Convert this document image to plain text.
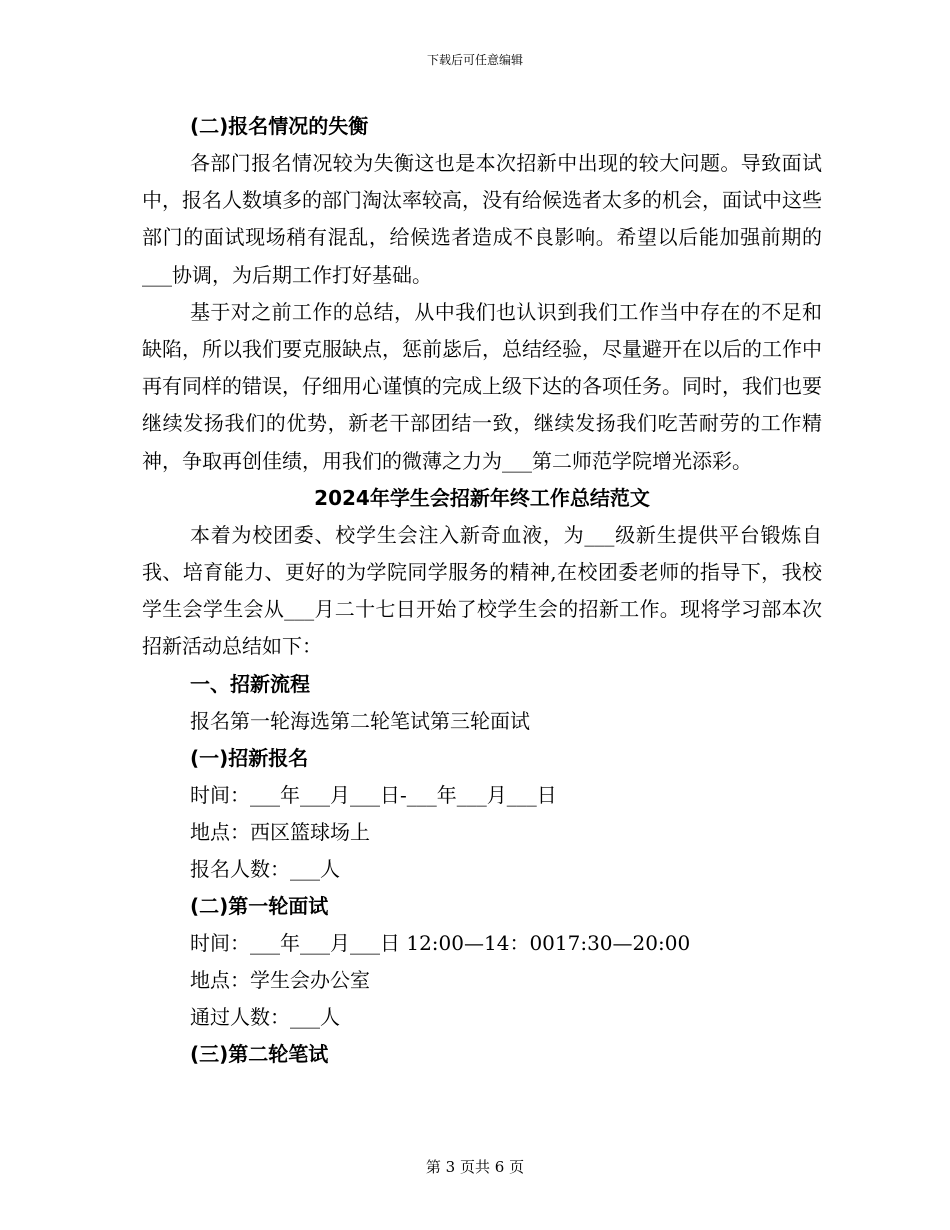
下载后可任意编辑
(二)报名情况的失衡
各部门报名情况较为失衡这也是本次招新中出现的较大问题。导致面试中，报名人数填多的部门淘汰率较高，没有给候选者太多的机会，面试中这些部门的面试现场稍有混乱，给候选者造成不良影响。希望以后能加强前期的___协调，为后期工作打好基础。
基于对之前工作的总结，从中我们也认识到我们工作当中存在的不足和缺陷，所以我们要克服缺点，惩前毖后，总结经验，尽量避开在以后的工作中再有同样的错误，仔细用心谨慎的完成上级下达的各项任务。同时，我们也要继续发扬我们的优势，新老干部团结一致，继续发扬我们吃苦耐劳的工作精神，争取再创佳绩，用我们的微薄之力为___第二师范学院增光添彩。
2024年学生会招新年终工作总结范文
本着为校团委、校学生会注入新奇血液，为___级新生提供平台锻炼自我、培育能力、更好的为学院同学服务的精神,在校团委老师的指导下，我校学生会学生会从___月二十七日开始了校学生会的招新工作。现将学习部本次招新活动总结如下：
一、招新流程
报名第一轮海选第二轮笔试第三轮面试
(一)招新报名
时间：___年___月___日-___年___月___日
地点：西区篮球场上
报名人数：___人
(二)第一轮面试
时间：___年___月___日 12:00—14：0017:30—20:00
地点：学生会办公室
通过人数：___人
(三)第二轮笔试
第 3 页共 6 页
